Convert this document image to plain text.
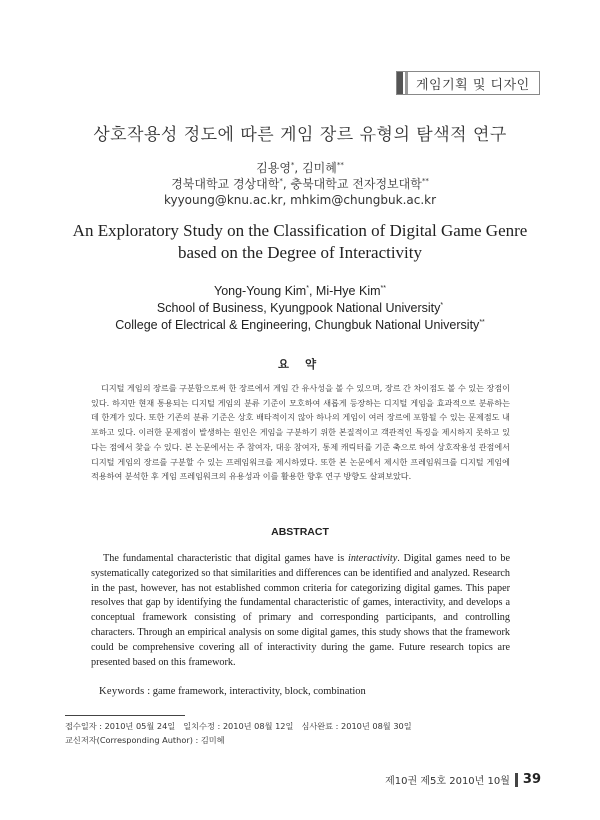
게임기획 및 디자인
상호작용성 정도에 따른 게임 장르 유형의 탐색적 연구
김용영*, 김미혜**
경북대학교 경상대학*, 충북대학교 전자정보대학**
kyyoung@knu.ac.kr, mhkim@chungbuk.ac.kr
An Exploratory Study on the Classification of Digital Game Genre
based on the Degree of Interactivity
Yong-Young Kim*, Mi-Hye Kim**
School of Business, Kyungpook National University*
College of Electrical & Engineering, Chungbuk National University**
요 약
디지털 게임의 장르를 구분함으로써 한 장르에서 게임 간 유사성을 볼 수 있으며, 장르 간 차이점도 볼 수 있는 장점이 있다. 하지만 현재 통용되는 디지털 게임의 분류 기준이 모호하여 새롭게 등장하는 디지털 게임을 효과적으로 분류하는 데 한계가 있다. 또한 기존의 분류 기준은 상호 배타적이지 않아 하나의 게임이 여러 장르에 포함될 수 있는 문제점도 내포하고 있다. 이러한 문제점이 발생하는 원인은 게임을 구분하기 위한 본질적이고 객관적인 특징을 제시하지 못하고 있다는 점에서 찾을 수 있다. 본 논문에서는 주 참여자, 대응 참여자, 통제 캐릭터를 기준 축으로 하여 상호작용성 관점에서 디지털 게임의 장르를 구분할 수 있는 프레임워크를 제시하였다. 또한 본 논문에서 제시한 프레임워크를 디지털 게임에 적용하여 분석한 후 게임 프레임워크의 유용성과 이를 활용한 향후 연구 방향도 살펴보았다.
ABSTRACT
The fundamental characteristic that digital games have is interactivity. Digital games need to be systematically categorized so that similarities and differences can be identified and analyzed. Research in the past, however, has not established common criteria for categorizing digital games. This paper resolves that gap by identifying the fundamental characteristic of games, interactivity, and develops a conceptual framework consisting of primary and corresponding participants, and controlling characters. Through an empirical analysis on some digital games, this study shows that the framework could be comprehensive covering all of interactivity during the game. Future research topics are presented based on this framework.
Keywords : game framework, interactivity, block, combination
접수일자 : 2010년 05월 24일 일치수정 : 2010년 08월 12일 심사완료 : 2010년 08월 30일
교신저자(Corresponding Author) : 김미혜
제10권 제5호 2010년 10월 39
